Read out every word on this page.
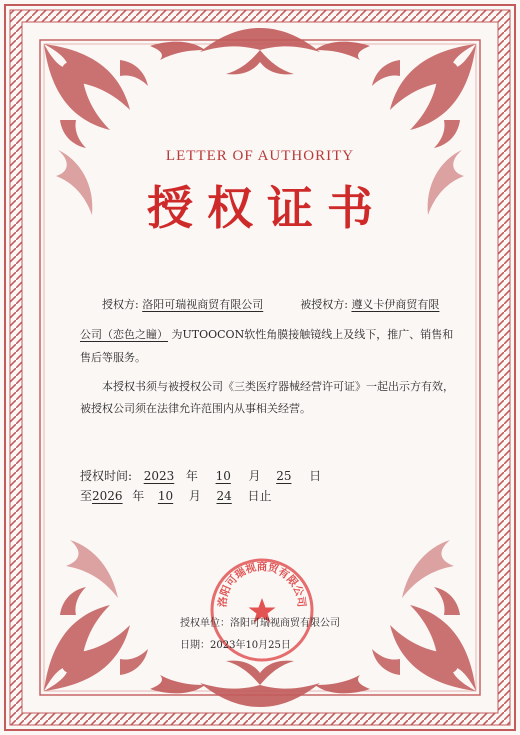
LETTER OF AUTHORITY
授权证书
授权方: 洛阳可瑞视商贸有限公司	被授权方: 遵义卡伊商贸有限
公司（恋色之瞳） 为UTOOCON软性角膜接触镜线上及线下，推广、销售和
售后等服务。
本授权书须与被授权公司《三类医疗器械经营许可证》一起出示方有效，
被授权公司须在法律允许范围内从事相关经营。
授权时间: 2023 年 10 月 25 日
至2026 年 10 月 24 日止
洛阳可瑞视商贸有限公司
授权单位：洛阳可瑞视商贸有限公司
日期：2023年10月25日
